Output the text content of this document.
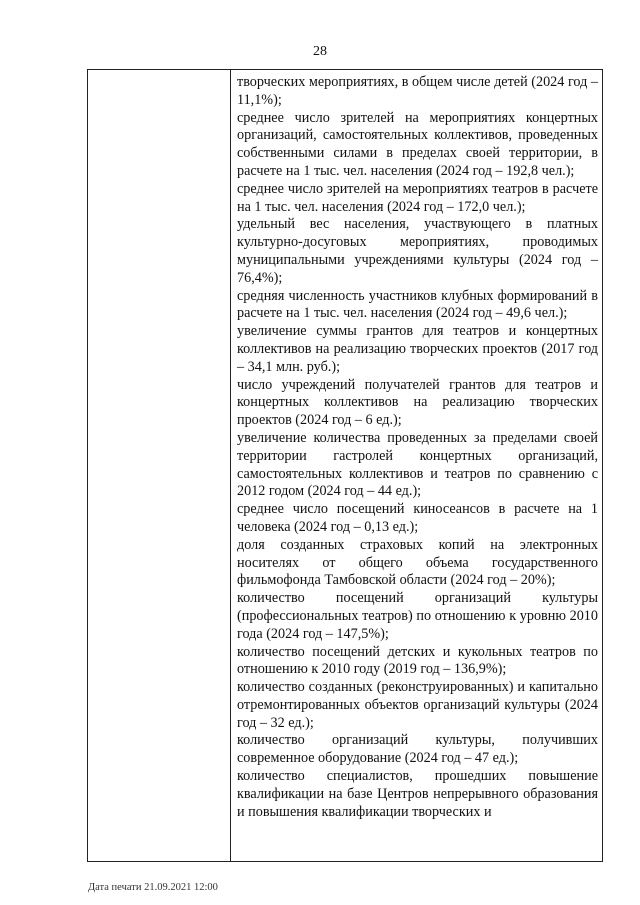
28

творческих мероприятиях, в общем числе детей (2024 год – 11,1%);

среднее число зрителей на мероприятиях концертных организаций, самостоятельных коллективов, проведенных собственными силами в пределах своей территории, в расчете на 1 тыс. чел. населения (2024 год – 192,8 чел.);

среднее число зрителей на мероприятиях театров в расчете на 1 тыс. чел. населения (2024 год – 172,0 чел.);

удельный вес населения, участвующего в платных культурно-досуговых мероприятиях, проводимых муниципальными учреждениями культуры (2024 год – 76,4%);

средняя численность участников клубных формирований в расчете на 1 тыс. чел. населения (2024 год – 49,6 чел.);

увеличение суммы грантов для театров и концертных коллективов на реализацию творческих проектов (2017 год – 34,1 млн. руб.);

число учреждений получателей грантов для театров и концертных коллективов на реализацию творческих проектов (2024 год – 6 ед.);

увеличение количества проведенных за пределами своей территории гастролей концертных организаций, самостоятельных коллективов и театров по сравнению с 2012 годом (2024 год – 44 ед.);

среднее число посещений киносеансов в расчете на 1 человека (2024 год – 0,13 ед.);

доля созданных страховых копий на электронных носителях от общего объема государственного фильмофонда Тамбовской области (2024 год – 20%);

количество посещений организаций культуры (профессиональных театров) по отношению к уровню 2010 года (2024 год – 147,5%);

количество посещений детских и кукольных театров по отношению к 2010 году (2019 год – 136,9%);

количество созданных (реконструированных) и капитально отремонтированных объектов организаций культуры (2024 год – 32 ед.);

количество организаций культуры, получивших современное оборудование (2024 год – 47 ед.);

количество специалистов, прошедших повышение квалификации на базе Центров непрерывного образования и повышения квалификации творческих и

Дата печати 21.09.2021 12:00
